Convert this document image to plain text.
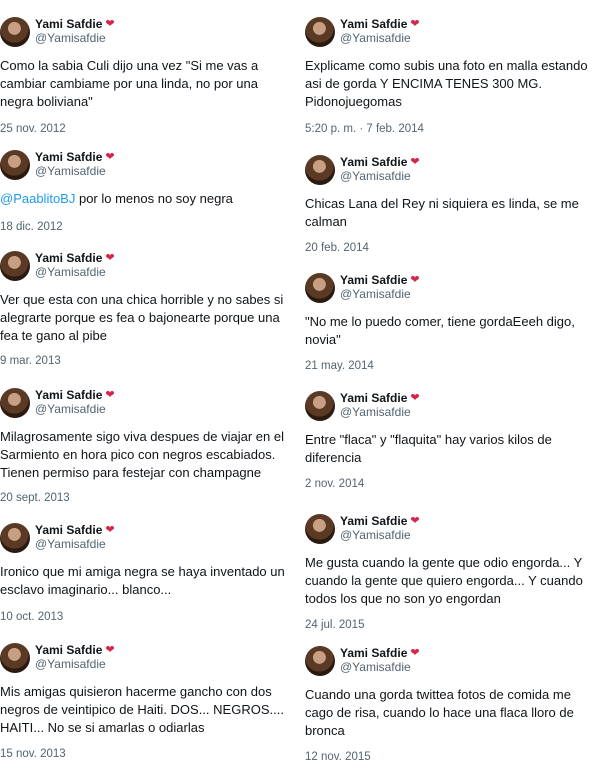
Yami Safdie ❤
@Yamisafdie
Como la sabia Culi dijo una vez "Si me vas a
cambiar cambiame por una linda, no por una
negra boliviana"
25 nov. 2012
Yami Safdie ❤
@Yamisafdie
@PaablitoBJ por lo menos no soy negra
18 dic. 2012
Yami Safdie ❤
@Yamisafdie
Ver que esta con una chica horrible y no sabes si
alegrarte porque es fea o bajonearte porque una
fea te gano al pibe
9 mar. 2013
Yami Safdie ❤
@Yamisafdie
Milagrosamente sigo viva despues de viajar en el
Sarmiento en hora pico con negros escabiados.
Tienen permiso para festejar con champagne
20 sept. 2013
Yami Safdie ❤
@Yamisafdie
Ironico que mi amiga negra se haya inventado un
esclavo imaginario... blanco...
10 oct. 2013
Yami Safdie ❤
@Yamisafdie
Mis amigas quisieron hacerme gancho con dos
negros de veintipico de Haiti. DOS... NEGROS....
HAITI... No se si amarlas o odiarlas
15 nov. 2013
Yami Safdie ❤
@Yamisafdie
Explicame como subis una foto en malla estando
asi de gorda Y ENCIMA TENES 300 MG.
Pidonojuegomas
5:20 p. m. · 7 feb. 2014
Yami Safdie ❤
@Yamisafdie
Chicas Lana del Rey ni siquiera es linda, se me
calman
20 feb. 2014
Yami Safdie ❤
@Yamisafdie
"No me lo puedo comer, tiene gordaEeeh digo,
novia"
21 may. 2014
Yami Safdie ❤
@Yamisafdie
Entre "flaca" y "flaquita" hay varios kilos de
diferencia
2 nov. 2014
Yami Safdie ❤
@Yamisafdie
Me gusta cuando la gente que odio engorda... Y
cuando la gente que quiero engorda... Y cuando
todos los que no son yo engordan
24 jul. 2015
Yami Safdie ❤
@Yamisafdie
Cuando una gorda twittea fotos de comida me
cago de risa, cuando lo hace una flaca lloro de
bronca
12 nov. 2015
